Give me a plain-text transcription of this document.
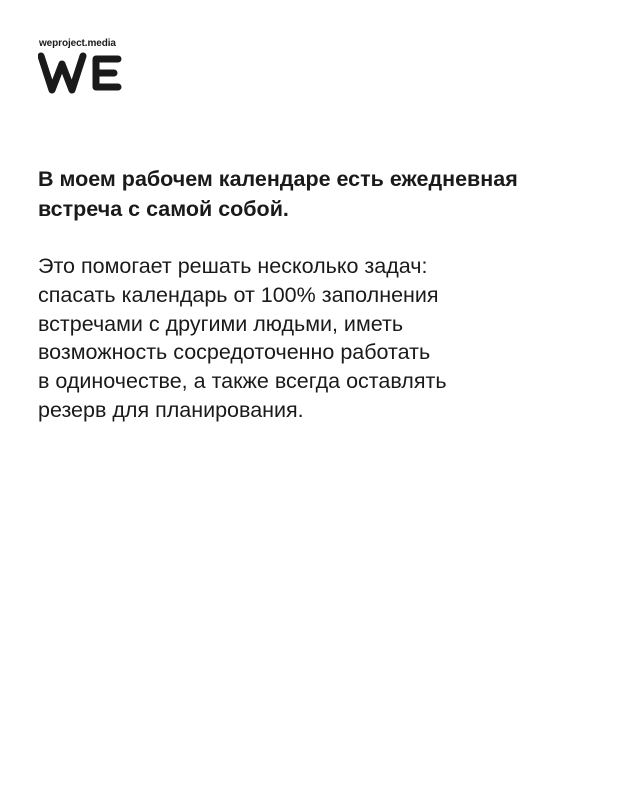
weproject.media
В моем рабочем календаре есть ежедневная
встреча с самой собой.

Это помогает решать несколько задач:
спасать календарь от 100% заполнения
встречами с другими людьми, иметь
возможность сосредоточенно работать
в одиночестве, а также всегда оставлять
резерв для планирования.
